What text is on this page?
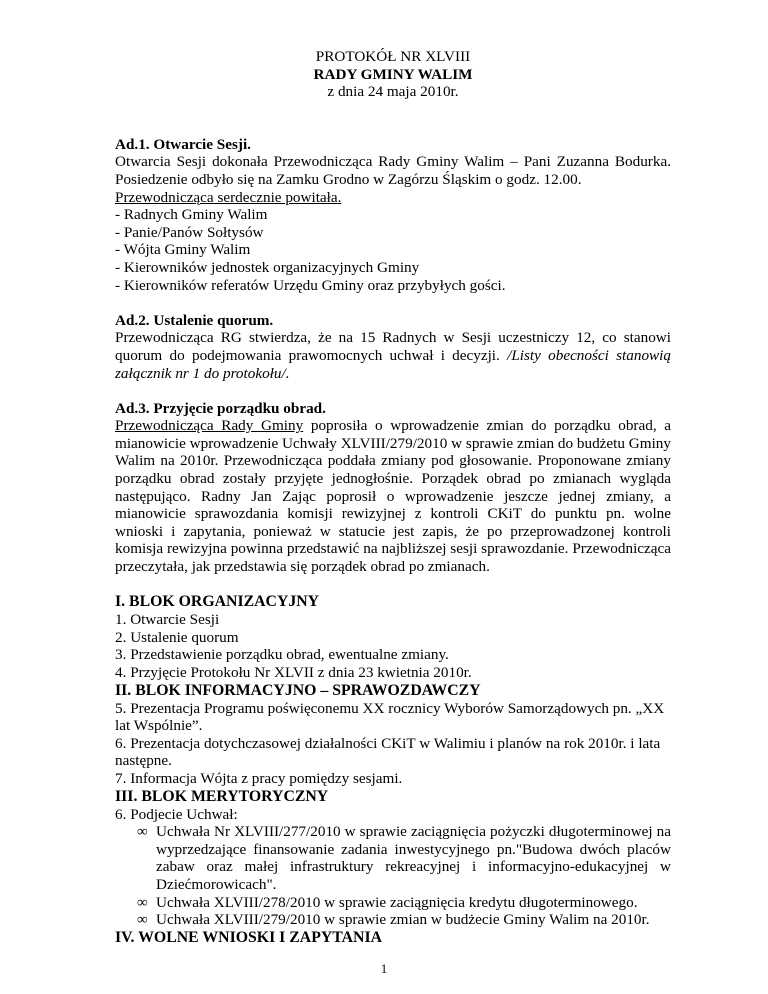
PROTOKÓŁ NR XLVIII
RADY GMINY WALIM
z dnia 24 maja 2010r.

Ad.1. Otwarcie Sesji.

Otwarcia Sesji dokonała Przewodnicząca Rady Gminy Walim – Pani Zuzanna Bodurka. Posiedzenie odbyło się na Zamku Grodno w Zagórzu Śląskim o godz. 12.00.

Przewodnicząca serdecznie powitała.

- Radnych Gminy Walim

- Panie/Panów Sołtysów

- Wójta Gminy Walim

- Kierowników jednostek organizacyjnych Gminy

- Kierowników referatów Urzędu Gminy oraz przybyłych gości.

Ad.2. Ustalenie quorum.

Przewodnicząca RG stwierdza, że na 15 Radnych w Sesji uczestniczy 12, co stanowi quorum do podejmowania prawomocnych uchwał i decyzji. /Listy obecności stanowią załącznik nr 1 do protokołu/.

Ad.3. Przyjęcie porządku obrad.

Przewodnicząca Rady Gminy poprosiła o wprowadzenie zmian do porządku obrad, a mianowicie wprowadzenie Uchwały XLVIII/279/2010 w sprawie zmian do budżetu Gminy Walim na 2010r. Przewodnicząca poddała zmiany pod głosowanie. Proponowane zmiany porządku obrad zostały przyjęte jednogłośnie. Porządek obrad po zmianach wygląda następująco. Radny Jan Zając poprosił o wprowadzenie jeszcze jednej zmiany, a mianowicie sprawozdania komisji rewizyjnej z kontroli CKiT do punktu pn. wolne wnioski i zapytania, ponieważ w statucie jest zapis, że po przeprowadzonej kontroli komisja rewizyjna powinna przedstawić na najbliższej sesji sprawozdanie. Przewodnicząca przeczytała, jak przedstawia się porządek obrad po zmianach.

I. BLOK ORGANIZACYJNY

1. Otwarcie Sesji

2. Ustalenie quorum

3. Przedstawienie porządku obrad, ewentualne zmiany.

4. Przyjęcie Protokołu Nr XLVII z dnia 23 kwietnia 2010r.

II. BLOK INFORMACYJNO – SPRAWOZDAWCZY

5. Prezentacja Programu poświęconemu XX rocznicy Wyborów Samorządowych pn. „XX lat Wspólnie”.

6. Prezentacja dotychczasowej działalności CKiT w Walimiu i planów na rok 2010r. i lata następne.

7. Informacja Wójta z pracy pomiędzy sesjami.

III. BLOK MERYTORYCZNY

6. Podjecie Uchwał:

∞ Uchwała Nr XLVIII/277/2010 w sprawie zaciągnięcia pożyczki długoterminowej na wyprzedzające finansowanie zadania inwestycyjnego pn."Budowa dwóch placów zabaw oraz małej infrastruktury rekreacyjnej i informacyjno-edukacyjnej w Dziećmorowicach".
∞ Uchwała XLVIII/278/2010 w sprawie zaciągnięcia kredytu długoterminowego.
∞ Uchwała XLVIII/279/2010 w sprawie zmian w budżecie Gminy Walim na 2010r.

IV. WOLNE WNIOSKI I ZAPYTANIA

1
